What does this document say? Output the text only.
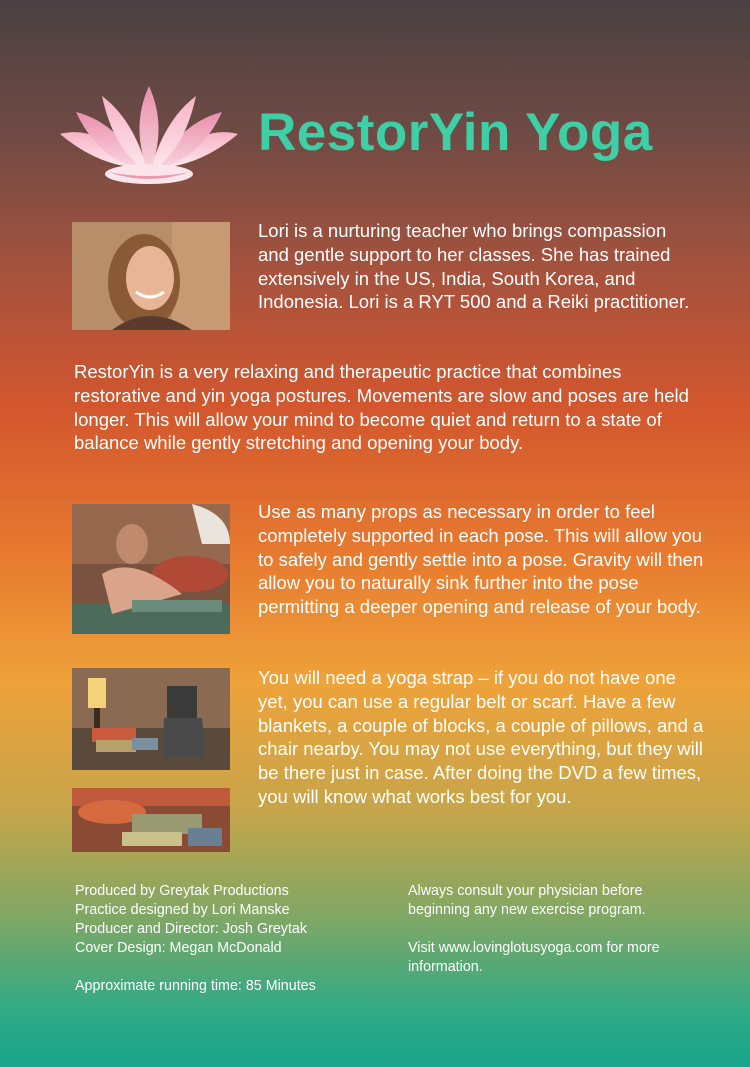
RestorYin Yoga

Lori is a nurturing teacher who brings compassion and gentle support to her classes. She has trained extensively in the US, India, South Korea, and Indonesia. Lori is a RYT 500 and a Reiki practitioner.

RestorYin is a very relaxing and therapeutic practice that combines restorative and yin yoga postures. Movements are slow and poses are held longer. This will allow your mind to become quiet and return to a state of balance while gently stretching and opening your body.

Use as many props as necessary in order to feel completely supported in each pose. This will allow you to safely and gently settle into a pose. Gravity will then allow you to naturally sink further into the pose permitting a deeper opening and release of your body.

You will need a yoga strap – if you do not have one yet, you can use a regular belt or scarf. Have a few blankets, a couple of blocks, a couple of pillows, and a chair nearby. You may not use everything, but they will be there just in case. After doing the DVD a few times, you will know what works best for you.

Produced by Greytak Productions
Practice designed by Lori Manske
Producer and Director: Josh Greytak
Cover Design: Megan McDonald
Approximate running time: 85 Minutes
Always consult your physician before beginning any new exercise program.
Visit www.lovinglotusyoga.com for more information.
